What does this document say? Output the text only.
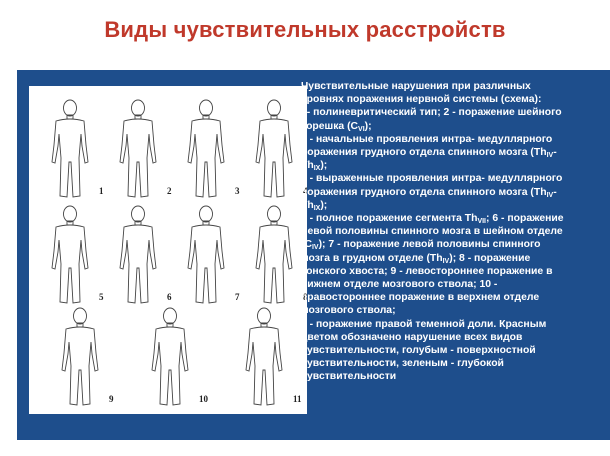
Виды чувствительных расстройств
1	2	3	4
5	6	7	8
9	10	11
Чувствительные нарушения при различных
уровнях поражения нервной системы (схема):
I - полиневритический тип; 2 - поражение шейного
корешка $(C_{VI})$;
3 - начальные проявления интра- медуллярного
поражения грудного отдела спинного мозга ($Th_{IV}-$
$Th_{IX}$);
4 - выраженные проявления интра- медуллярного
поражения грудного отдела спинного мозга ($Th_{IV}-$
$Th_{IX}$);
5 - полное поражение сегмента $Th_{VII}$; 6 - поражение
левой половины спинного мозга в шейном отделе
$(C_{IV})$; 7 - поражение левой половины спинного
мозга в грудном отделе $(Th_{IV})$; 8 - поражение
конского хвоста; 9 - левостороннее поражение в
нижнем отделе мозгового ствола; 10 -
правостороннее поражение в верхнем отделе
мозгового ствола;
II - поражение правой теменной доли. Красным
цветом обозначено нарушение всех видов
чувствительности, голубым - поверхностной
чувствительности, зеленым - глубокой
чувствительности
